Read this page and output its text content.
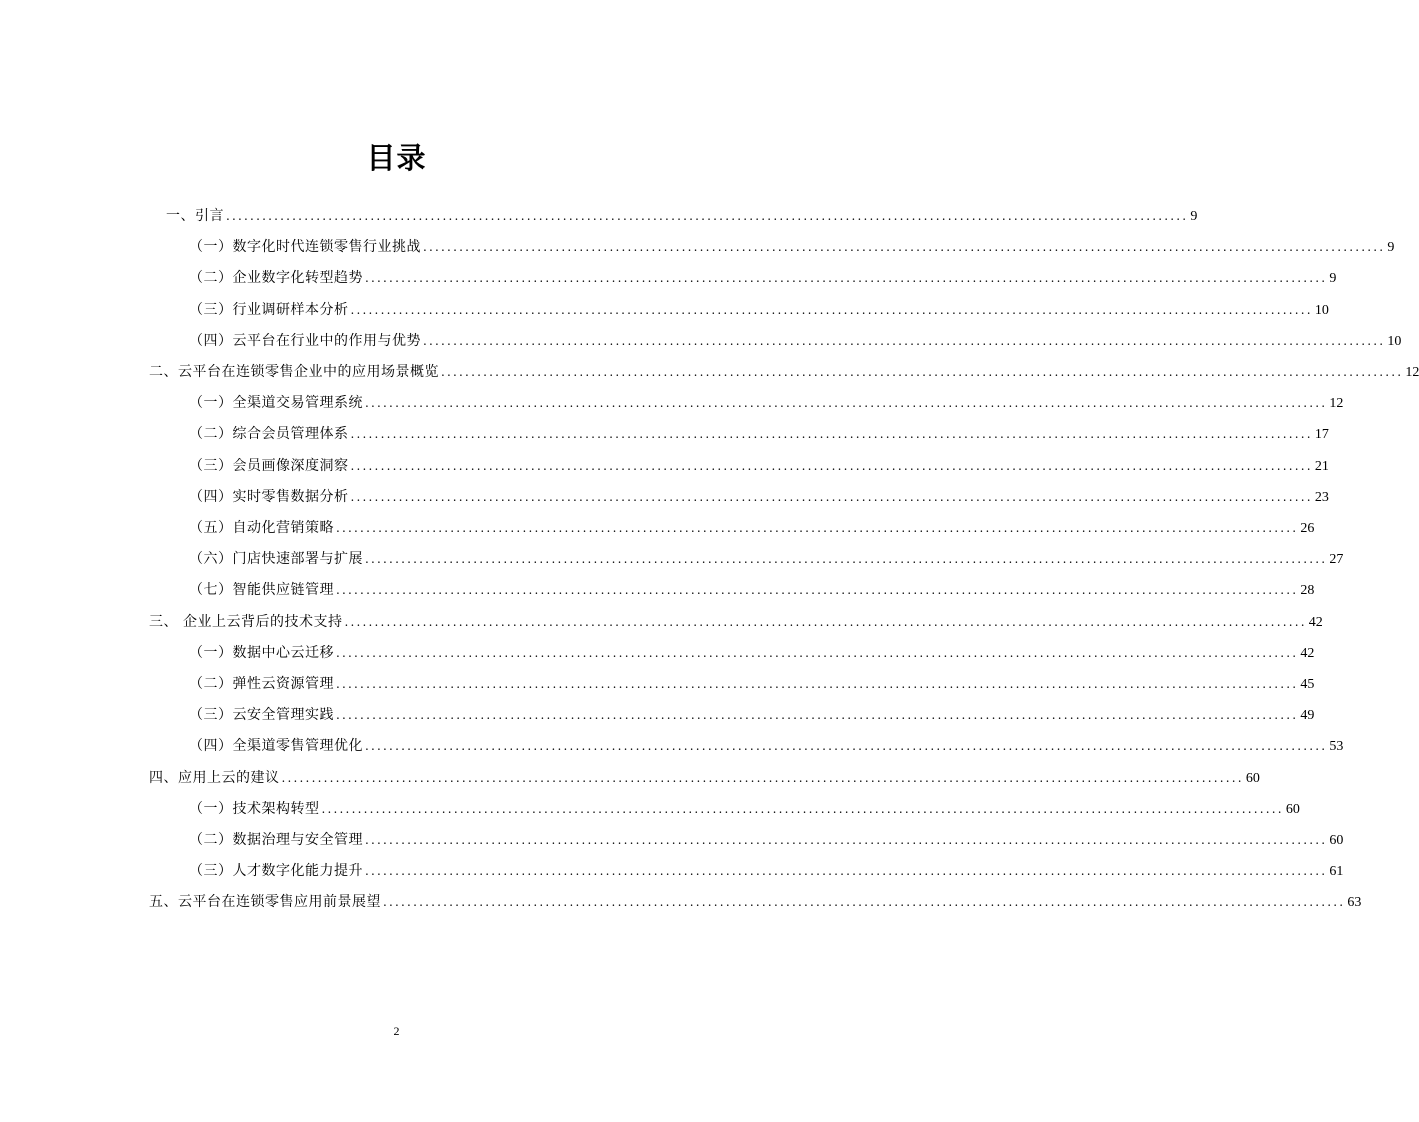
目录
一、引言 ................................................................................................................................................................ 9
（一）数字化时代连锁零售行业挑战 ................................................................................................................................................................ 9
（二）企业数字化转型趋势 ................................................................................................................................................................ 9
（三）行业调研样本分析 ................................................................................................................................................................ 10
（四）云平台在行业中的作用与优势 ................................................................................................................................................................ 10
二、云平台在连锁零售企业中的应用场景概览 ................................................................................................................................................................ 12
（一）全渠道交易管理系统 ................................................................................................................................................................ 12
（二）综合会员管理体系 ................................................................................................................................................................ 17
（三）会员画像深度洞察 ................................................................................................................................................................ 21
（四）实时零售数据分析 ................................................................................................................................................................ 23
（五）自动化营销策略 ................................................................................................................................................................ 26
（六）门店快速部署与扩展 ................................................................................................................................................................ 27
（七）智能供应链管理 ................................................................................................................................................................ 28
三、 企业上云背后的技术支持 ................................................................................................................................................................ 42
（一）数据中心云迁移 ................................................................................................................................................................ 42
（二）弹性云资源管理 ................................................................................................................................................................ 45
（三）云安全管理实践 ................................................................................................................................................................ 49
（四）全渠道零售管理优化 ................................................................................................................................................................ 53
四、应用上云的建议 ................................................................................................................................................................ 60
（一）技术架构转型 ................................................................................................................................................................ 60
（二）数据治理与安全管理 ................................................................................................................................................................ 60
（三）人才数字化能力提升 ................................................................................................................................................................ 61
五、云平台在连锁零售应用前景展望 ................................................................................................................................................................ 63
2
